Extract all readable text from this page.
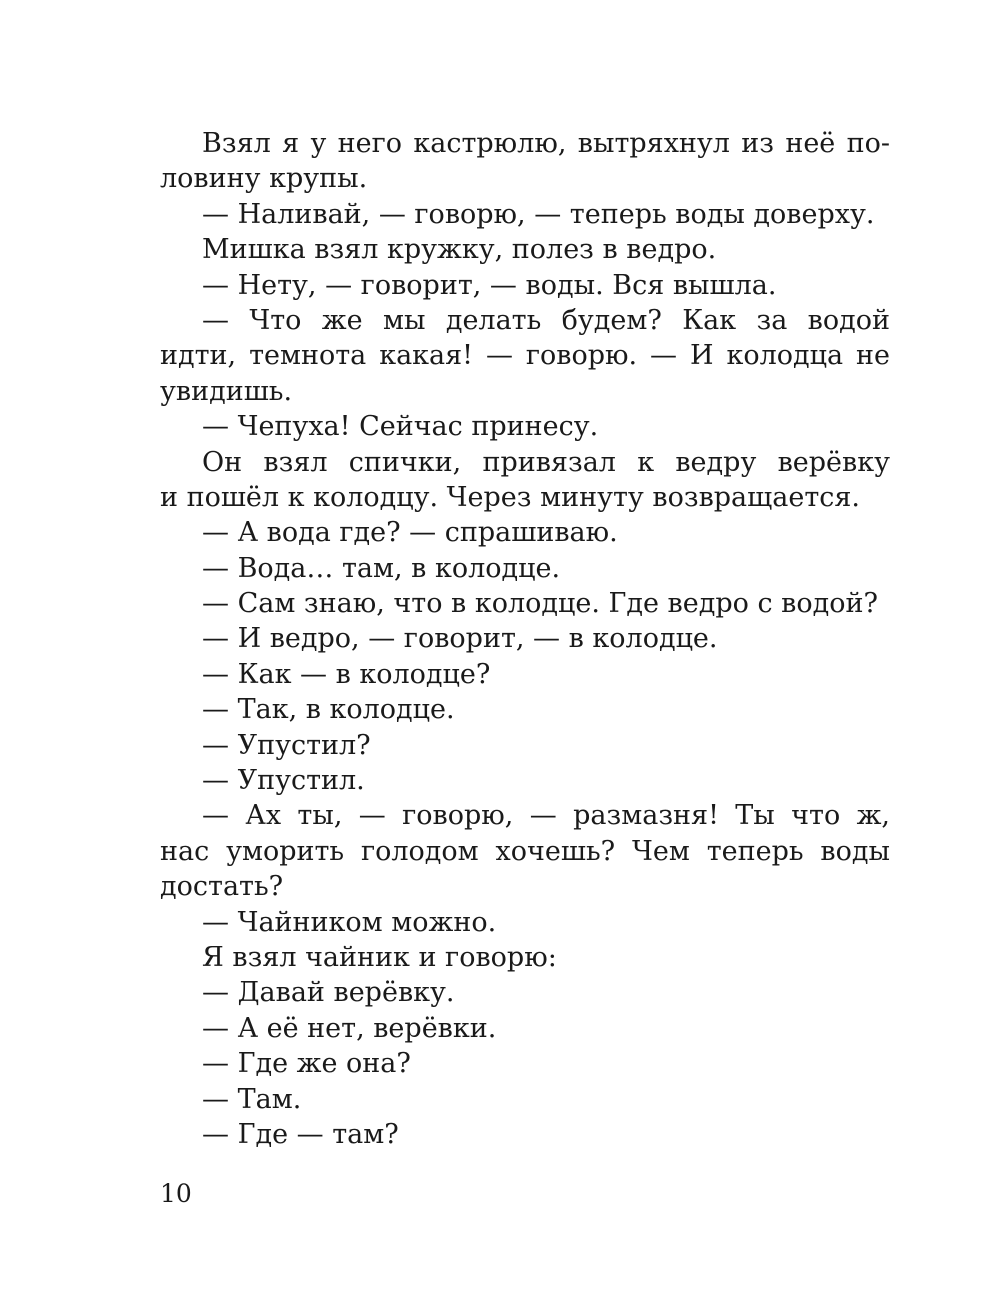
Взял я у него кастрюлю, вытряхнул из неё по-
ловину крупы.
— Наливай, — говорю, — теперь воды доверху.
Мишка взял кружку, полез в ведро.
— Нету, — говорит, — воды. Вся вышла.
— Что же мы делать будем? Как за водой
идти, темнота какая! — говорю. — И колодца не
увидишь.
— Чепуха! Сейчас принесу.
Он взял спички, привязал к ведру верёвку
и пошёл к колодцу. Через минуту возвращается.
— А вода где? — спрашиваю.
— Вода… там, в колодце.
— Сам знаю, что в колодце. Где ведро с водой?
— И ведро, — говорит, — в колодце.
— Как — в колодце?
— Так, в колодце.
— Упустил?
— Упустил.
— Ах ты, — говорю, — размазня! Ты что ж,
нас уморить голодом хочешь? Чем теперь воды
достать?
— Чайником можно.
Я взял чайник и говорю:
— Давай верёвку.
— А её нет, верёвки.
— Где же она?
— Там.
— Где — там?
10
